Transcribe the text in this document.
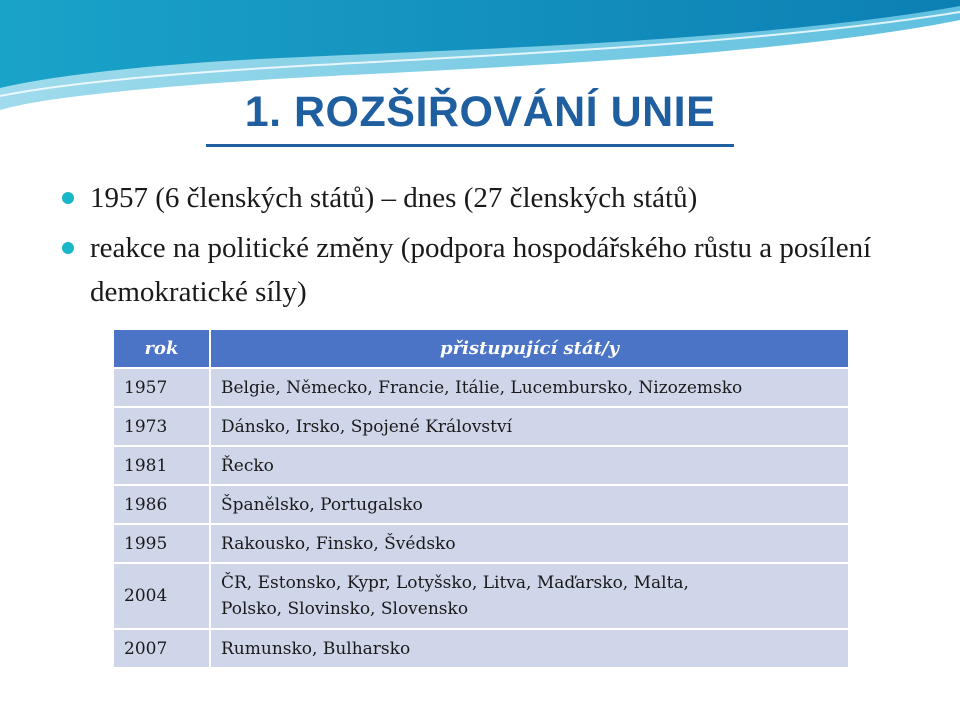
1. ROZŠIŘOVÁNÍ UNIE
1957 (6 členských států) – dnes (27 členských států)
reakce na politické změny (podpora hospodářského růstu a posílení demokratické síly)
rok	přistupující stát/y
1957	Belgie, Německo, Francie, Itálie, Lucembursko, Nizozemsko

1973	Dánsko, Irsko, Spojené Království

1981	Řecko

1986	Španělsko, Portugalsko

1995	Rakousko, Finsko, Švédsko

2004	ČR, Estonsko, Kypr, Lotyšsko, Litva, Maďarsko, Malta,
Polsko, Slovinsko, Slovensko

2007	Rumunsko, Bulharsko
